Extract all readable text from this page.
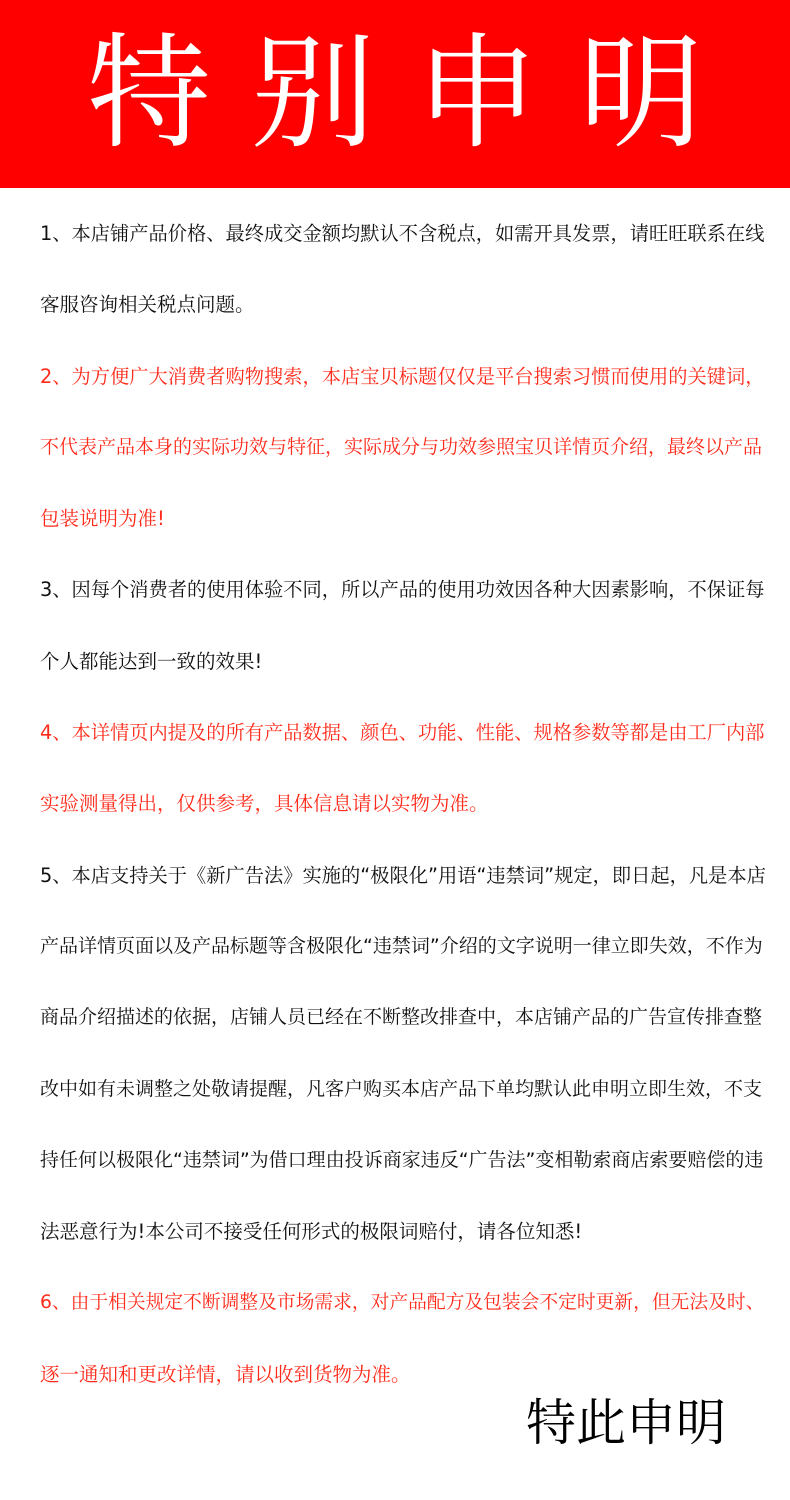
特别申明

1、本店铺产品价格、最终成交金额均默认不含税点，如需开具发票，请旺旺联系在线
客服咨询相关税点问题。

2、为方便广大消费者购物搜索，本店宝贝标题仅仅是平台搜索习惯而使用的关键词，
不代表产品本身的实际功效与特征，实际成分与功效参照宝贝详情页介绍，最终以产品
包装说明为准!

3、因每个消费者的使用体验不同，所以产品的使用功效因各种大因素影响，不保证每
个人都能达到一致的效果!

4、本详情页内提及的所有产品数据、颜色、功能、性能、规格参数等都是由工厂内部
实验测量得出，仅供参考，具体信息请以实物为准。

5、本店支持关于《新广告法》实施的“极限化”用语“违禁词”规定，即日起，凡是本店
产品详情页面以及产品标题等含极限化“违禁词”介绍的文字说明一律立即失效，不作为
商品介绍描述的依据，店铺人员已经在不断整改排查中，本店铺产品的广告宣传排查整
改中如有未调整之处敬请提醒，凡客户购买本店产品下单均默认此申明立即生效，不支
持任何以极限化“违禁词”为借口理由投诉商家违反“广告法”变相勒索商店索要赔偿的违
法恶意行为!本公司不接受任何形式的极限词赔付，请各位知悉!

6、由于相关规定不断调整及市场需求，对产品配方及包装会不定时更新，但无法及时、
逐一通知和更改详情，请以收到货物为准。

特此申明
